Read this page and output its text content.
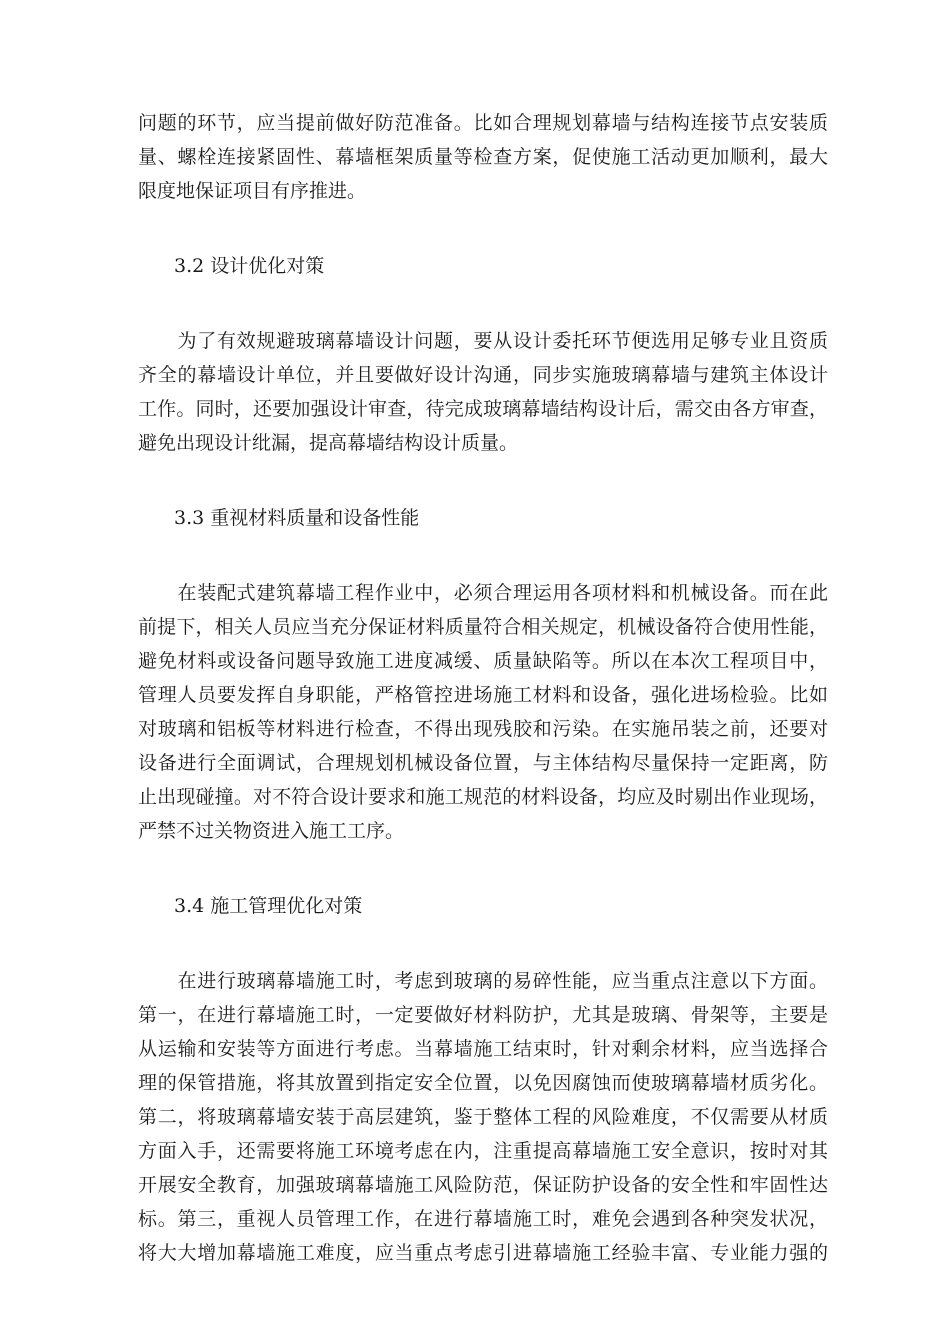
问题的环节，应当提前做好防范准备。比如合理规划幕墙与结构连接节点安装质
量、螺栓连接紧固性、幕墙框架质量等检查方案，促使施工活动更加顺利，最大
限度地保证项目有序推进。
3.2 设计优化对策
　　为了有效规避玻璃幕墙设计问题，要从设计委托环节便选用足够专业且资质
齐全的幕墙设计单位，并且要做好设计沟通，同步实施玻璃幕墙与建筑主体设计
工作。同时，还要加强设计审查，待完成玻璃幕墙结构设计后，需交由各方审查，
避免出现设计纰漏，提高幕墙结构设计质量。
3.3 重视材料质量和设备性能
　　在装配式建筑幕墙工程作业中，必须合理运用各项材料和机械设备。而在此
前提下，相关人员应当充分保证材料质量符合相关规定，机械设备符合使用性能，
避免材料或设备问题导致施工进度减缓、质量缺陷等。所以在本次工程项目中，
管理人员要发挥自身职能，严格管控进场施工材料和设备，强化进场检验。比如
对玻璃和铝板等材料进行检查，不得出现残胶和污染。在实施吊装之前，还要对
设备进行全面调试，合理规划机械设备位置，与主体结构尽量保持一定距离，防
止出现碰撞。对不符合设计要求和施工规范的材料设备，均应及时剔出作业现场，
严禁不过关物资进入施工工序。
3.4 施工管理优化对策
　　在进行玻璃幕墙施工时，考虑到玻璃的易碎性能，应当重点注意以下方面。
第一，在进行幕墙施工时，一定要做好材料防护，尤其是玻璃、骨架等，主要是
从运输和安装等方面进行考虑。当幕墙施工结束时，针对剩余材料，应当选择合
理的保管措施，将其放置到指定安全位置，以免因腐蚀而使玻璃幕墙材质劣化。
第二，将玻璃幕墙安装于高层建筑，鉴于整体工程的风险难度，不仅需要从材质
方面入手，还需要将施工环境考虑在内，注重提高幕墙施工安全意识，按时对其
开展安全教育，加强玻璃幕墙施工风险防范，保证防护设备的安全性和牢固性达
标。第三，重视人员管理工作，在进行幕墙施工时，难免会遇到各种突发状况，
将大大增加幕墙施工难度，应当重点考虑引进幕墙施工经验丰富、专业能力强的
